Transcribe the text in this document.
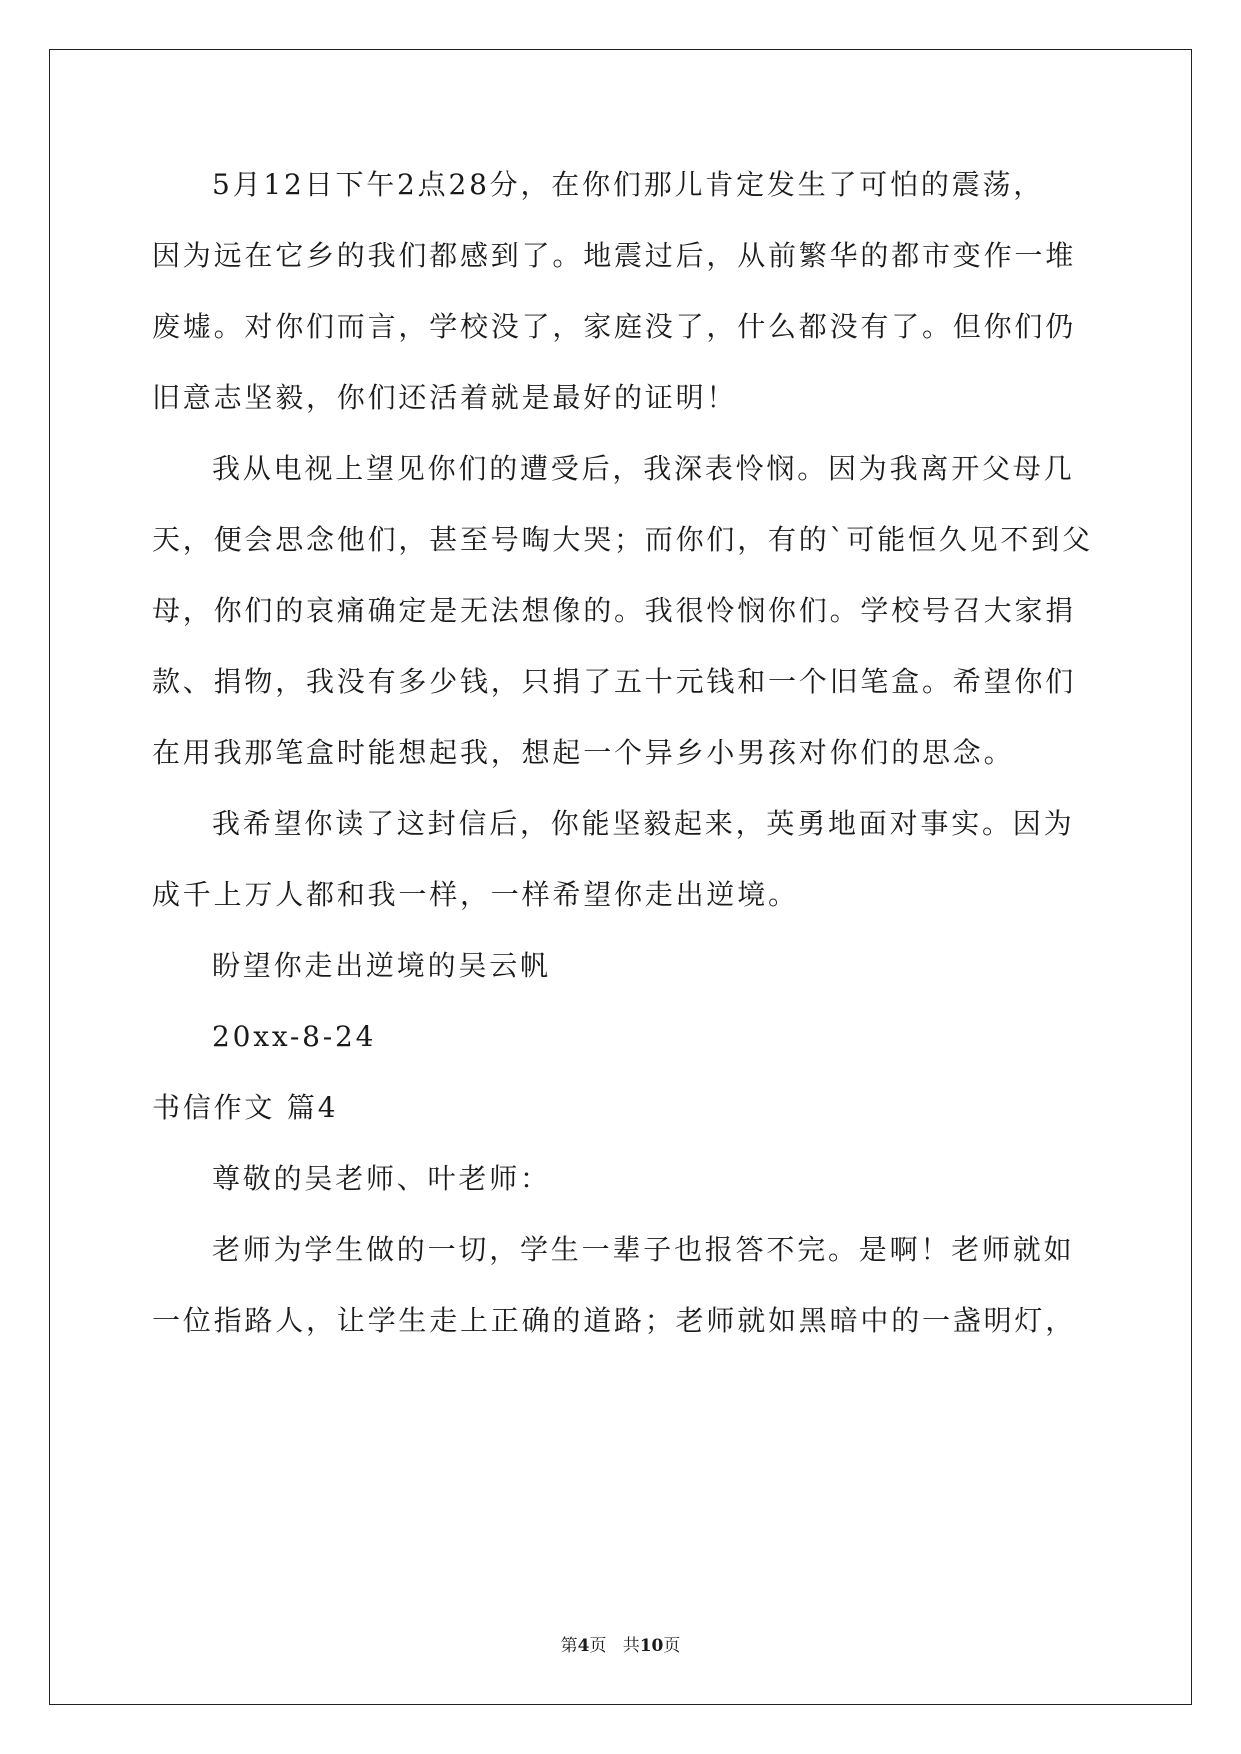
5月12日下午2点28分，在你们那儿肯定发生了可怕的震荡，
因为远在它乡的我们都感到了。地震过后，从前繁华的都市变作一堆
废墟。对你们而言，学校没了，家庭没了，什么都没有了。但你们仍
旧意志坚毅，你们还活着就是最好的证明！
我从电视上望见你们的遭受后，我深表怜悯。因为我离开父母几
天，便会思念他们，甚至号啕大哭；而你们，有的`可能恒久见不到父
母，你们的哀痛确定是无法想像的。我很怜悯你们。学校号召大家捐
款、捐物，我没有多少钱，只捐了五十元钱和一个旧笔盒。希望你们
在用我那笔盒时能想起我，想起一个异乡小男孩对你们的思念。
我希望你读了这封信后，你能坚毅起来，英勇地面对事实。因为
成千上万人都和我一样，一样希望你走出逆境。
盼望你走出逆境的吴云帆
20xx-8-24
书信作文 篇4
尊敬的吴老师、叶老师：
老师为学生做的一切，学生一辈子也报答不完。是啊！老师就如
一位指路人，让学生走上正确的道路；老师就如黑暗中的一盏明灯，
第4页 共10页
